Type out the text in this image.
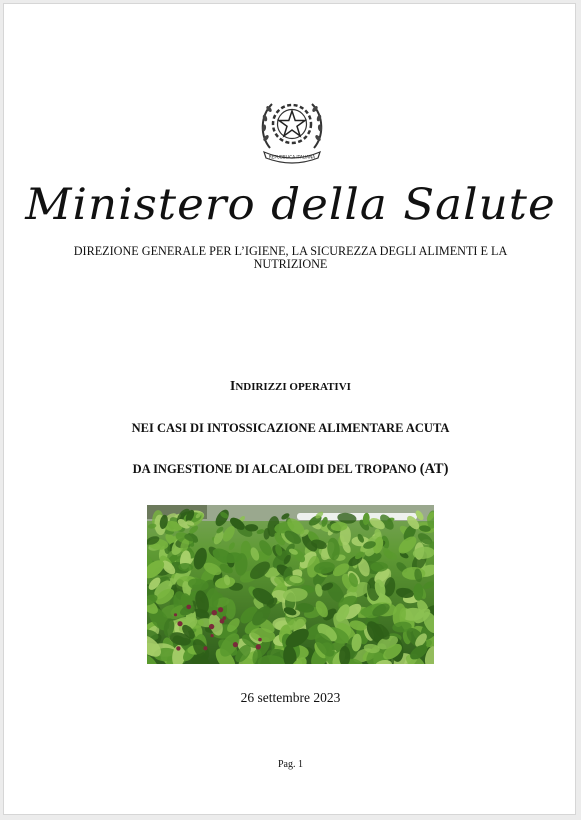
REPUBBLICA ITALIANA
Ministero della Salute
DIREZIONE GENERALE PER L’IGIENE, LA SICUREZZA DEGLI ALIMENTI E LA NUTRIZIONE
INDIRIZZI OPERATIVI
NEI CASI DI INTOSSICAZIONE ALIMENTARE ACUTA
DA INGESTIONE DI ALCALOIDI DEL TROPANO (AT)
26 settembre 2023
Pag. 1
